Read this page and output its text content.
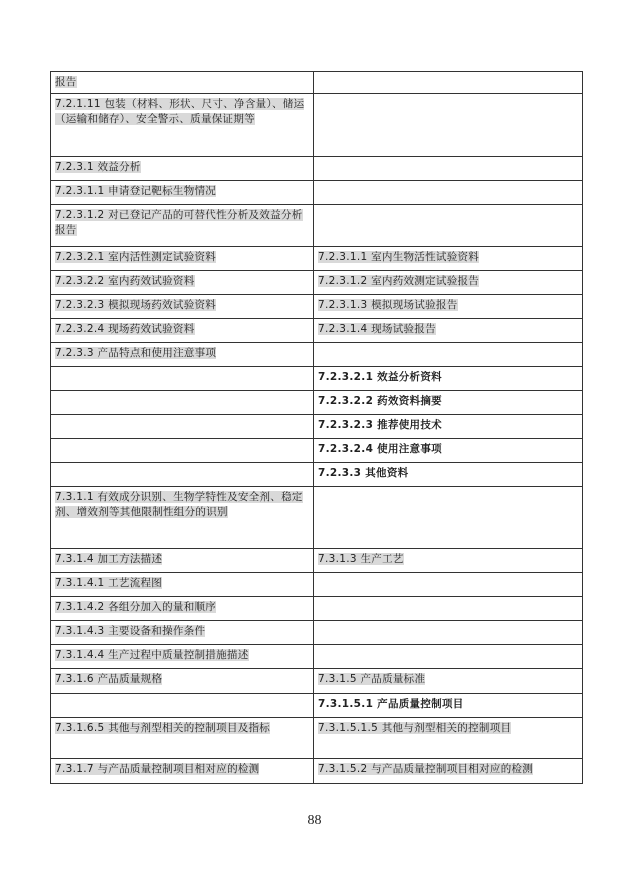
报告	
7.2.1.11 包装（材料、形状、尺寸、净含量）、储运（运输和储存）、安全警示、质量保证期等	
7.2.3.1 效益分析	
7.2.3.1.1 申请登记靶标生物情况	
7.2.3.1.2 对已登记产品的可替代性分析及效益分析报告	
7.2.3.2.1 室内活性测定试验资料	7.2.3.1.1 室内生物活性试验资料
7.2.3.2.2 室内药效试验资料	7.2.3.1.2 室内药效测定试验报告
7.2.3.2.3 模拟现场药效试验资料	7.2.3.1.3 模拟现场试验报告
7.2.3.2.4 现场药效试验资料	7.2.3.1.4 现场试验报告
7.2.3.3 产品特点和使用注意事项	
	7.2.3.2.1 效益分析资料
	7.2.3.2.2 药效资料摘要
	7.2.3.2.3 推荐使用技术
	7.2.3.2.4 使用注意事项
	7.2.3.3 其他资料
7.3.1.1 有效成分识别、生物学特性及安全剂、稳定剂、增效剂等其他限制性组分的识别	
7.3.1.4 加工方法描述	7.3.1.3 生产工艺
7.3.1.4.1 工艺流程图	
7.3.1.4.2 各组分加入的量和顺序	
7.3.1.4.3 主要设备和操作条件	
7.3.1.4.4 生产过程中质量控制措施描述	
7.3.1.6 产品质量规格	7.3.1.5 产品质量标准
	7.3.1.5.1 产品质量控制项目
7.3.1.6.5 其他与剂型相关的控制项目及指标	7.3.1.5.1.5 其他与剂型相关的控制项目
7.3.1.7 与产品质量控制项目相对应的检测	7.3.1.5.2 与产品质量控制项目相对应的检测
88
